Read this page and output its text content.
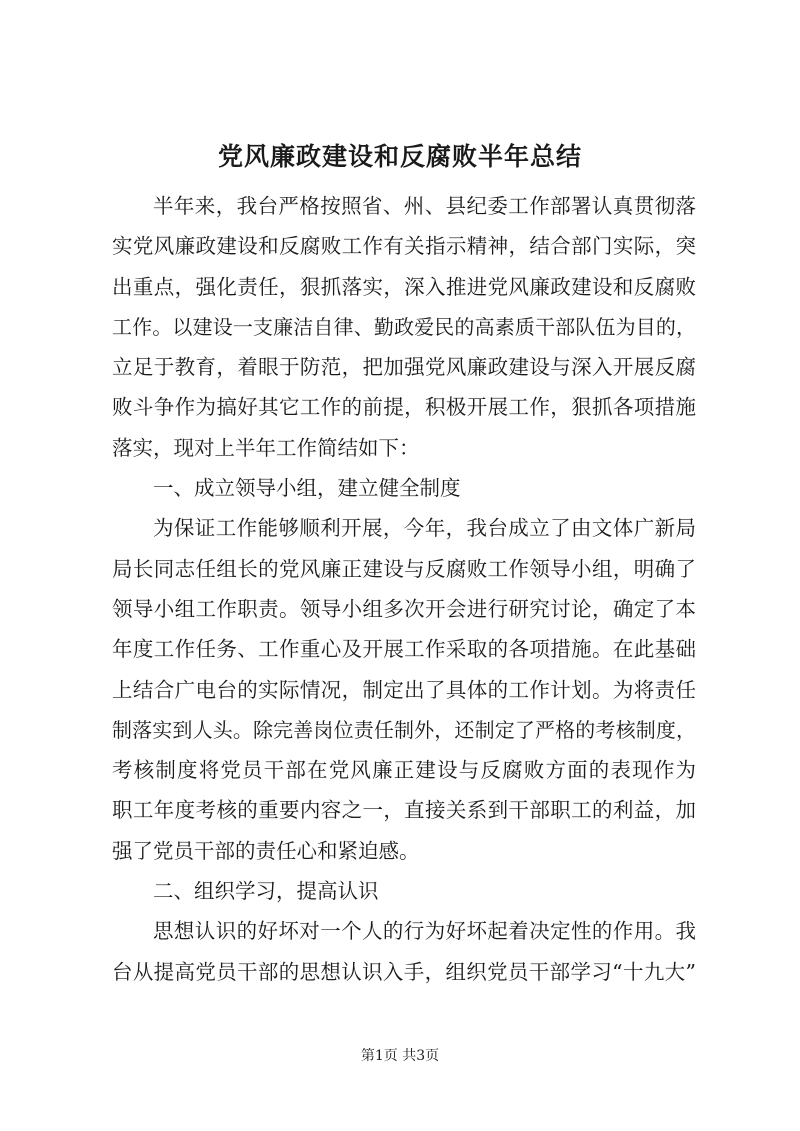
党风廉政建设和反腐败半年总结
半年来，我台严格按照省、州、县纪委工作部署认真贯彻落
实党风廉政建设和反腐败工作有关指示精神，结合部门实际，突
出重点，强化责任，狠抓落实，深入推进党风廉政建设和反腐败
工作。以建设一支廉洁自律、勤政爱民的高素质干部队伍为目的，
立足于教育，着眼于防范，把加强党风廉政建设与深入开展反腐
败斗争作为搞好其它工作的前提，积极开展工作，狠抓各项措施
落实，现对上半年工作简结如下：
一、成立领导小组，建立健全制度
为保证工作能够顺利开展，今年，我台成立了由文体广新局
局长同志任组长的党风廉正建设与反腐败工作领导小组，明确了
领导小组工作职责。领导小组多次开会进行研究讨论，确定了本
年度工作任务、工作重心及开展工作采取的各项措施。在此基础
上结合广电台的实际情况，制定出了具体的工作计划。为将责任
制落实到人头。除完善岗位责任制外，还制定了严格的考核制度，
考核制度将党员干部在党风廉正建设与反腐败方面的表现作为
职工年度考核的重要内容之一，直接关系到干部职工的利益，加
强了党员干部的责任心和紧迫感。
二、组织学习，提高认识
思想认识的好坏对一个人的行为好坏起着决定性的作用。我
台从提高党员干部的思想认识入手，组织党员干部学习“十九大”
第1页 共3页
